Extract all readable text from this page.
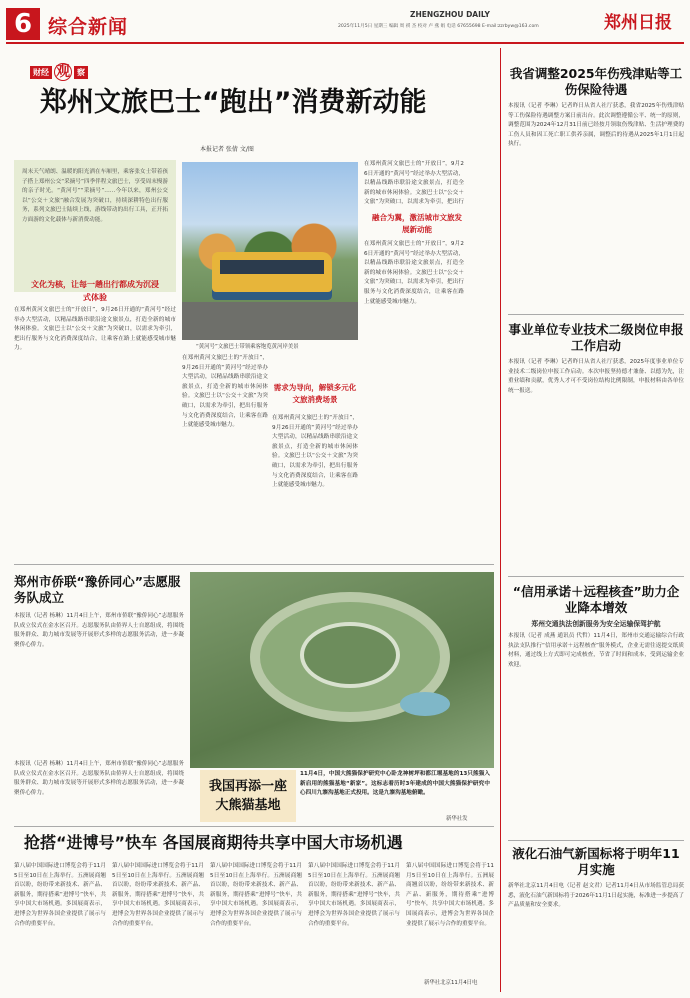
6 综合新闻
ZHENGZHOU DAILY
2025年11月5日 星期三 编辑 周 祺 杰 校对 卢 燕 娟 电话 67655698 E-mail:zzrbyw@163.com	郑州日报
财经 观 察
郑州文旅巴士“跑出”消费新动能
本报记者 张倩 文/图
周末天气晴朗、温暖的阳光洒在车厢里，乘客张女士带着孩子搭上郑州公交“采摘号”四季伴程文旅巴士，享受周末慢游的亲子时光。“黄河号”“采摘号”……今年以来，郑州公交以“公交＋文旅”融合发展为突破口，持续深耕特色出行服务，系列文旅巴士陆续上线，游线带动的出行工具，正开拓方面游的文化载体与新消费动能。
文化为核，让每一趟出行都成为沉浸式体验
在郑州黄河文旅巴士的“开放日”，9月26日开通的“黄河号”经过举办大型活动，以精品线路串联沿途文旅景点，打造全新的城市休闲体验。文旅巴士以“公交＋文旅”为突破口，以需求为牵引，把出行服务与文化消费深度结合，让乘客在路上就能感受城市魅力。	“黄河号”文旅巴士带领乘客饱览黄河岸美景
在郑州黄河文旅巴士的“开放日”，9月26日开通的“黄河号”经过举办大型活动，以精品线路串联沿途文旅景点，打造全新的城市休闲体验。文旅巴士以“公交＋文旅”为突破口，以需求为牵引，把出行服务与文化消费深度结合，让乘客在路上就能感受城市魅力。
需求为导向，解锁多元化文旅消费场景
在郑州黄河文旅巴士的“开放日”，9月26日开通的“黄河号”经过举办大型活动，以精品线路串联沿途文旅景点，打造全新的城市休闲体验。文旅巴士以“公交＋文旅”为突破口，以需求为牵引，把出行服务与文化消费深度结合，让乘客在路上就能感受城市魅力。
在郑州黄河文旅巴士的“开放日”，9月26日开通的“黄河号”经过举办大型活动，以精品线路串联沿途文旅景点，打造全新的城市休闲体验。文旅巴士以“公交＋文旅”为突破口，以需求为牵引，把出行
融合为翼，激活城市文旅发展新动能
在郑州黄河文旅巴士的“开放日”，9月26日开通的“黄河号”经过举办大型活动，以精品线路串联沿途文旅景点，打造全新的城市休闲体验。文旅巴士以“公交＋文旅”为突破口，以需求为牵引，把出行服务与文化消费深度结合，让乘客在路上就能感受城市魅力。
我省调整2025年伤残津贴等工伤保险待遇
本报讯（记者 李琳）记者昨日从省人社厅获悉，我省2025年伤残津贴等工伤保险待遇调整方案日前出台。此次调整遵循公平、统一的原则，调整范围为2024年12月31日前已经按月领取伤残津贴、生活护理费的工伤人员和因工死亡职工供养亲属，调整后的待遇从2025年1月1日起执行。
事业单位专业技术二级岗位申报工作启动
本报讯（记者 李琳）记者昨日从省人社厅获悉，2025年度事业单位专业技术二级岗位申报工作启动。本次申报坚持德才兼备、以德为先，注重业绩和贡献，优秀人才可不受岗位结构比例限制，申报材料由各单位统一报送。
“信用承诺＋远程核查”助力企业降本增效
郑州交通执法创新服务为安全运输保驾护航
本报讯（记者 成燕 通讯员 代哲）11月4日，郑州市交通运输综合行政执法支队推行“信用承诺＋远程核查”服务模式，企业无需往返提交纸质材料，通过线上方式即可完成核查，节省了时间和成本，受到运输企业欢迎。
液化石油气新国标将于明年11月实施
新华社北京11月4日电（记者 赵文君）记者11月4日从市场监管总局获悉，液化石油气新国标将于2026年11月1日起实施，标准进一步提高了产品质量和安全要求。
郑州市侨联“豫侨同心”志愿服务队成立
本报讯（记者 杨琳）11月4日上午，郑州市侨联“豫侨同心”志愿服务队成立仪式在金水区召开。志愿服务队由侨界人士自愿组成，将围绕服务群众、助力城市发展等开展形式多样的志愿服务活动，进一步凝聚侨心侨力。
我国再添一座大熊猫基地
11月4日，中国大熊猫保护研究中心卧龙神树坪和都江堰基地的13只熊猫入新启用的熊猫基地“新家”。这标志着历时3年建成的中国大熊猫保护研究中心四川九寨沟基地正式投用。这是九寨沟基地俯瞰。
新华社发
本报讯（记者 杨琳）11月4日上午，郑州市侨联“豫侨同心”志愿服务队成立仪式在金水区召开。志愿服务队由侨界人士自愿组成，将围绕服务群众、助力城市发展等开展形式多样的志愿服务活动，进一步凝聚侨心侨力。
抢搭“进博号”快车 各国展商期待共享中国大市场机遇
第八届中国国际进口博览会将于11月5日至10日在上海举行。五洲展商翘首以盼，纷纷带来新技术、新产品、新服务，期待搭乘“进博号”快车，共享中国大市场机遇。多国展商表示，进博会为世界各国企业提供了展示与合作的重要平台。
第八届中国国际进口博览会将于11月5日至10日在上海举行。五洲展商翘首以盼，纷纷带来新技术、新产品、新服务，期待搭乘“进博号”快车，共享中国大市场机遇。多国展商表示，进博会为世界各国企业提供了展示与合作的重要平台。
第八届中国国际进口博览会将于11月5日至10日在上海举行。五洲展商翘首以盼，纷纷带来新技术、新产品、新服务，期待搭乘“进博号”快车，共享中国大市场机遇。多国展商表示，进博会为世界各国企业提供了展示与合作的重要平台。
第八届中国国际进口博览会将于11月5日至10日在上海举行。五洲展商翘首以盼，纷纷带来新技术、新产品、新服务，期待搭乘“进博号”快车，共享中国大市场机遇。多国展商表示，进博会为世界各国企业提供了展示与合作的重要平台。
第八届中国国际进口博览会将于11月5日至10日在上海举行。五洲展商翘首以盼，纷纷带来新技术、新产品、新服务，期待搭乘“进博号”快车，共享中国大市场机遇。多国展商表示，进博会为世界各国企业提供了展示与合作的重要平台。
新华社北京11月4日电
